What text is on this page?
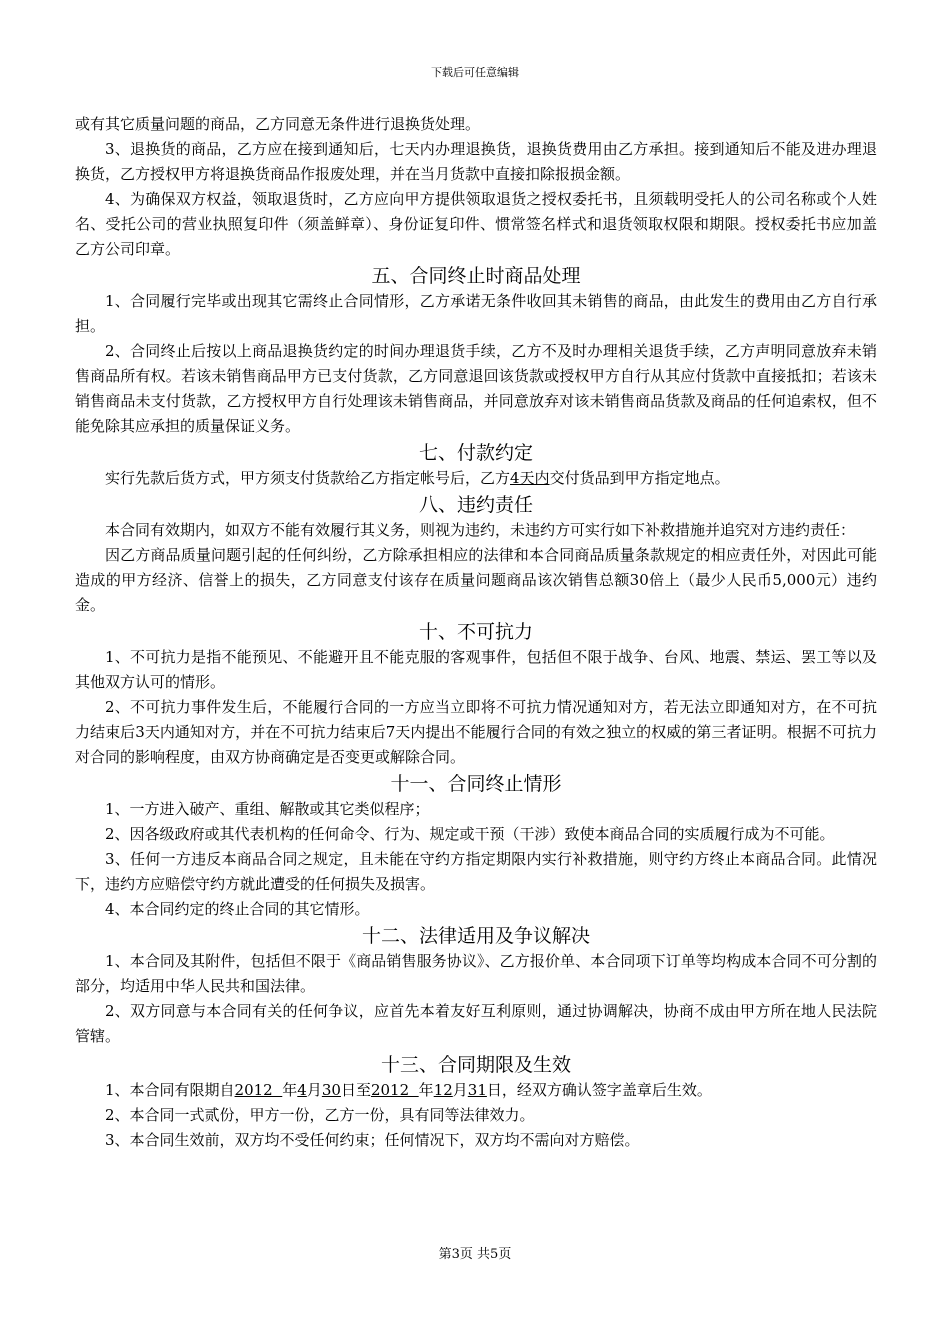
下载后可任意编辑

或有其它质量问题的商品，乙方同意无条件进行退换货处理。

3、退换货的商品，乙方应在接到通知后，七天内办理退换货，退换货费用由乙方承担。接到通知后不能及进办理退换货，乙方授权甲方将退换货商品作报废处理，并在当月货款中直接扣除报损金额。

4、为确保双方权益，领取退货时，乙方应向甲方提供领取退货之授权委托书，且须载明受托人的公司名称或个人姓名、受托公司的营业执照复印件（须盖鲜章）、身份证复印件、惯常签名样式和退货领取权限和期限。授权委托书应加盖乙方公司印章。

五、合同终止时商品处理

1、合同履行完毕或出现其它需终止合同情形，乙方承诺无条件收回其未销售的商品，由此发生的费用由乙方自行承担。

2、合同终止后按以上商品退换货约定的时间办理退货手续，乙方不及时办理相关退货手续，乙方声明同意放弃未销售商品所有权。若该未销售商品甲方已支付货款，乙方同意退回该货款或授权甲方自行从其应付货款中直接抵扣；若该未销售商品未支付货款，乙方授权甲方自行处理该未销售商品，并同意放弃对该未销售商品货款及商品的任何追索权，但不能免除其应承担的质量保证义务。

七、付款约定

实行先款后货方式，甲方须支付货款给乙方指定帐号后，乙方4天内交付货品到甲方指定地点。

八、违约责任

本合同有效期内，如双方不能有效履行其义务，则视为违约，未违约方可实行如下补救措施并追究对方违约责任：

因乙方商品质量问题引起的任何纠纷，乙方除承担相应的法律和本合同商品质量条款规定的相应责任外，对因此可能造成的甲方经济、信誉上的损失，乙方同意支付该存在质量问题商品该次销售总额30倍上（最少人民币5,000元）违约金。

十、不可抗力

1、不可抗力是指不能预见、不能避开且不能克服的客观事件，包括但不限于战争、台风、地震、禁运、罢工等以及其他双方认可的情形。

2、不可抗力事件发生后，不能履行合同的一方应当立即将不可抗力情况通知对方，若无法立即通知对方，在不可抗力结束后3天内通知对方，并在不可抗力结束后7天内提出不能履行合同的有效之独立的权威的第三者证明。根据不可抗力对合同的影响程度，由双方协商确定是否变更或解除合同。

十一、合同终止情形

1、一方进入破产、重组、解散或其它类似程序；

2、因各级政府或其代表机构的任何命令、行为、规定或干预（干涉）致使本商品合同的实质履行成为不可能。

3、任何一方违反本商品合同之规定，且未能在守约方指定期限内实行补救措施，则守约方终止本商品合同。此情况下，违约方应赔偿守约方就此遭受的任何损失及损害。

4、本合同约定的终止合同的其它情形。

十二、法律适用及争议解决

1、本合同及其附件，包括但不限于《商品销售服务协议》、乙方报价单、本合同项下订单等均构成本合同不可分割的部分，均适用中华人民共和国法律。

2、双方同意与本合同有关的任何争议，应首先本着友好互利原则，通过协调解决，协商不成由甲方所在地人民法院管辖。

十三、合同期限及生效

1、本合同有限期自2012  年4月30日至2012  年12月31日，经双方确认签字盖章后生效。

2、本合同一式贰份，甲方一份，乙方一份，具有同等法律效力。

3、本合同生效前，双方均不受任何约束；任何情况下，双方均不需向对方赔偿。

第3页 共5页
